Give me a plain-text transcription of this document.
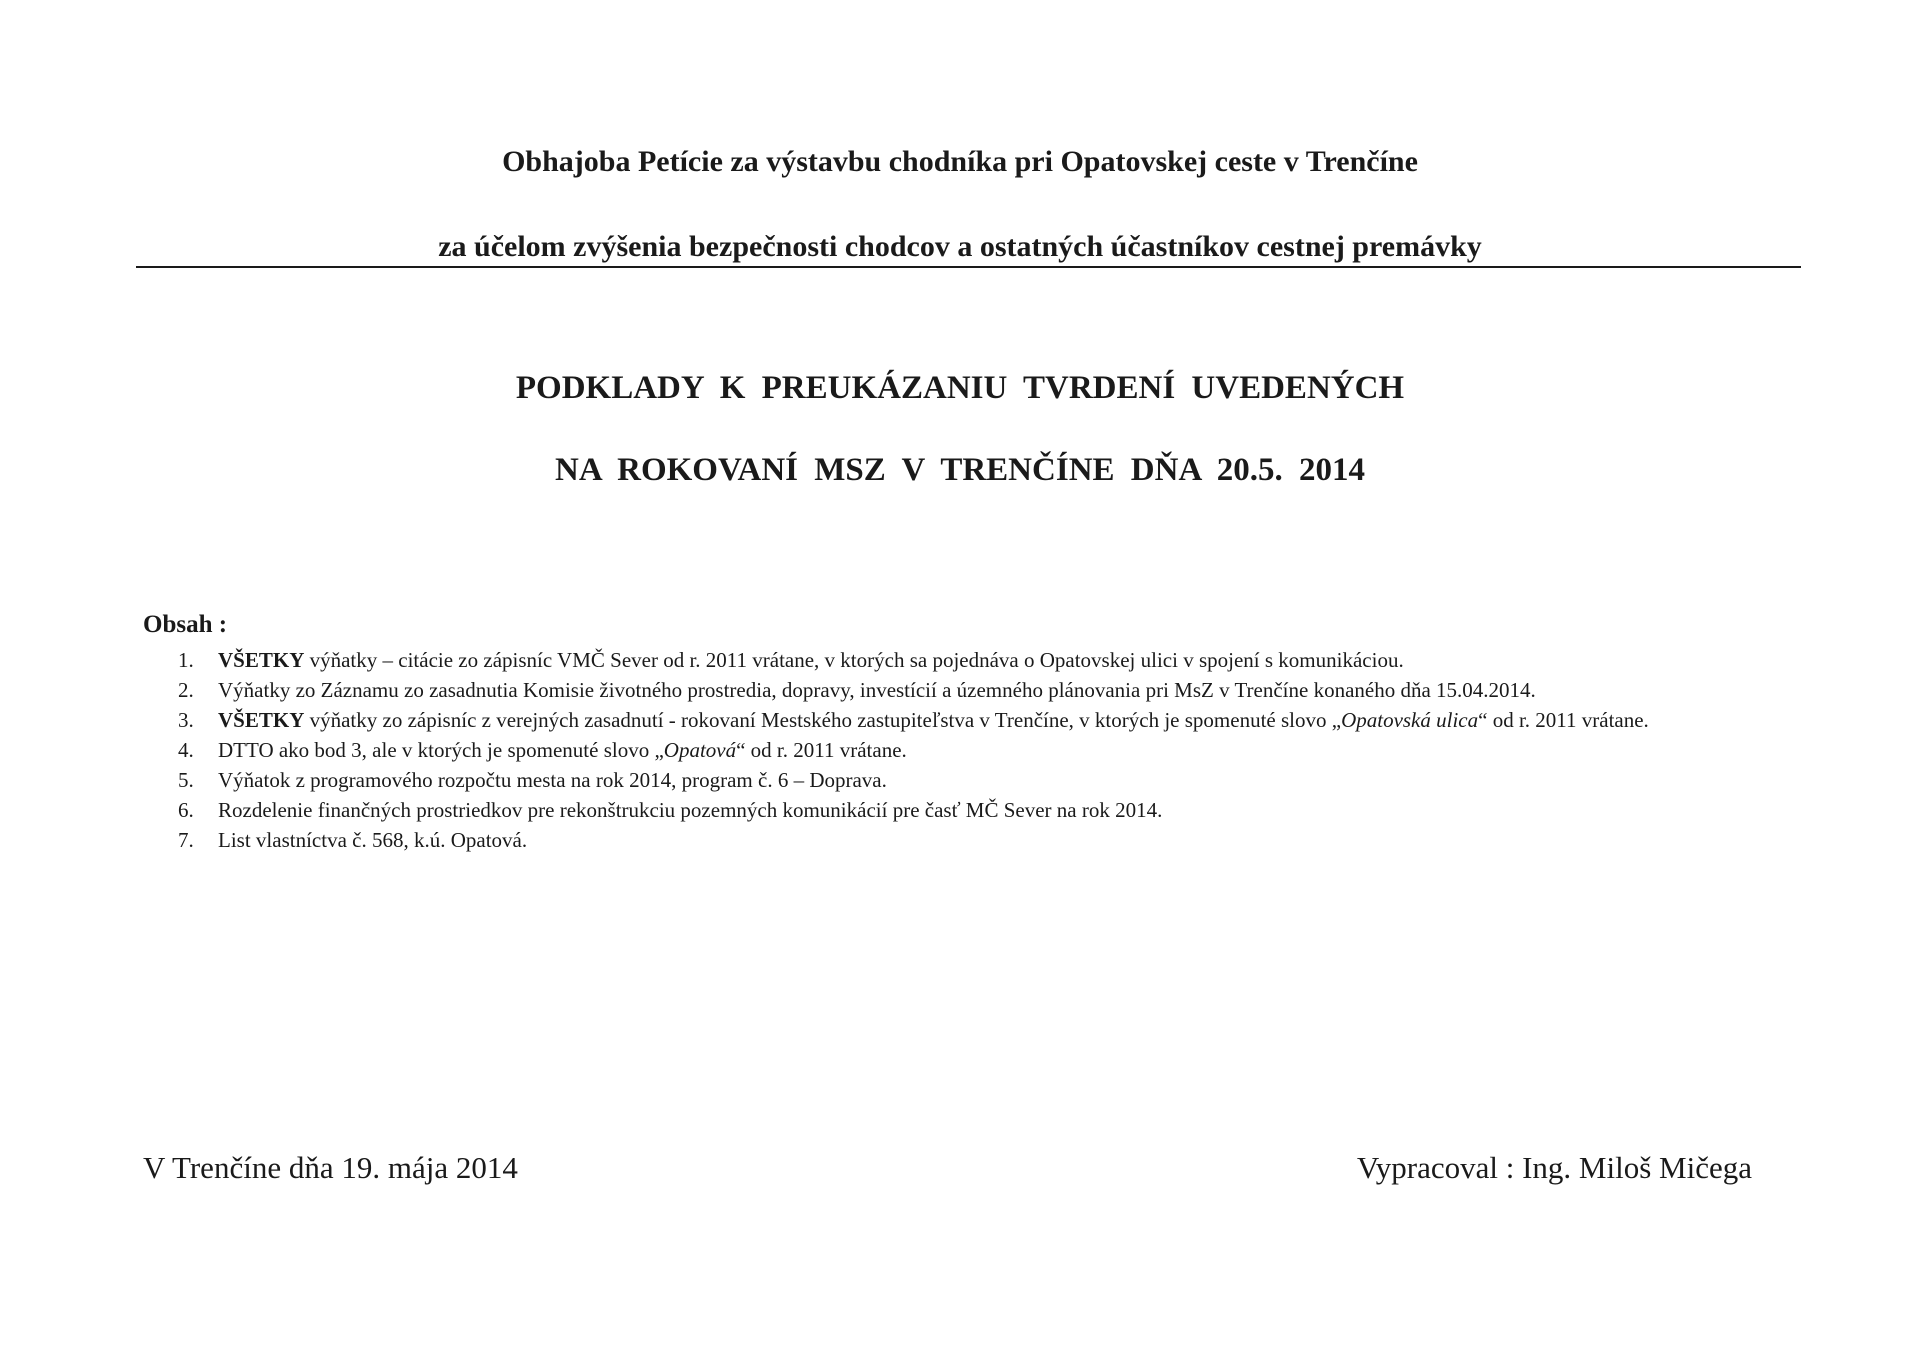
Obhajoba Petície za výstavbu chodníka pri Opatovskej ceste v Trenčíne
za účelom zvýšenia bezpečnosti chodcov a ostatných účastníkov cestnej premávky
PODKLADY K PREUKÁZANIU TVRDENÍ UVEDENÝCH
NA ROKOVANÍ MSZ V TRENČÍNE DŇA 20.5. 2014
Obsah :
1. VŠETKY výňatky – citácie zo zápisníc VMČ Sever od r. 2011 vrátane, v ktorých sa pojednáva o Opatovskej ulici v spojení s komunikáciou.
2. Výňatky zo Záznamu zo zasadnutia Komisie životného prostredia, dopravy, investícií a územného plánovania pri MsZ v Trenčíne konaného dňa 15.04.2014.
3. VŠETKY výňatky zo zápisníc z verejných zasadnutí - rokovaní Mestského zastupiteľstva v Trenčíne, v ktorých je spomenuté slovo „Opatovská ulica“ od r. 2011 vrátane.
4. DTTO ako bod 3, ale v ktorých je spomenuté slovo „Opatová“ od r. 2011 vrátane.
5. Výňatok z programového rozpočtu mesta na rok 2014, program č. 6 – Doprava.
6. Rozdelenie finančných prostriedkov pre rekonštrukciu pozemných komunikácií pre časť MČ Sever na rok 2014.
7. List vlastníctva č. 568, k.ú. Opatová.
V Trenčíne dňa 19. mája 2014	Vypracoval : Ing. Miloš Mičega
